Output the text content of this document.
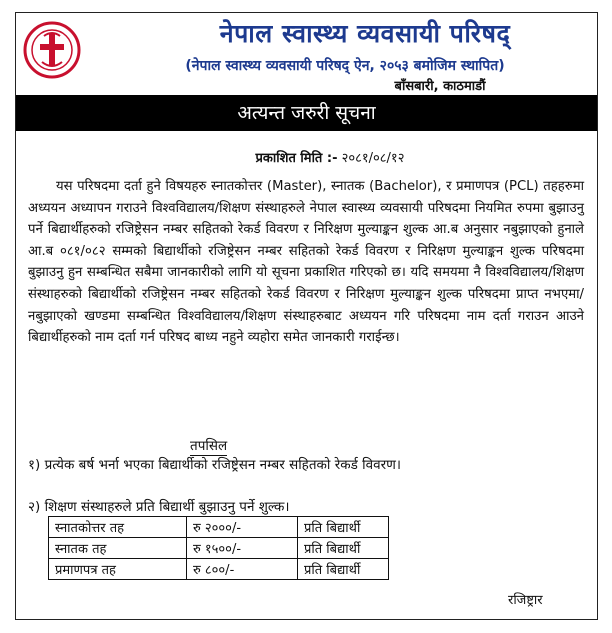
नेपाल स्वास्थ्य व्यवसायी परिषद्
(नेपाल स्वास्थ्य व्यवसायी परिषद् ऐन, २०५३ बमोजिम स्थापित)
बाँसबारी, काठमाडौं
अत्यन्त जरुरी सूचना
प्रकाशित मिति :- २०८१/०८/१२

यस परिषदमा दर्ता हुने विषयहरु स्नातकोत्तर (Master), स्नातक (Bachelor), र प्रमाणपत्र (PCL) तहहरुमा अध्ययन अध्यापन गराउने विश्वविद्यालय/शिक्षण संस्थाहरुले नेपाल स्वास्थ्य व्यवसायी परिषदमा नियमित रुपमा बुझाउनु पर्ने बिद्यार्थीहरुको रजिष्ट्रेसन नम्बर सहितको रेकर्ड विवरण र निरिक्षण मुल्याङ्कन शुल्क आ.ब अनुसार नबुझाएको हुनाले आ.ब ०८१/०८२ सम्मको बिद्यार्थीको रजिष्ट्रेसन नम्बर सहितको रेकर्ड विवरण र निरिक्षण मुल्याङ्कन शुल्क परिषदमा बुझाउनु हुन सम्बन्धित सबैमा जानकारीको लागि यो सूचना प्रकाशित गरिएको छ। यदि समयमा नै विश्वविद्यालय/शिक्षण संस्थाहरुको बिद्यार्थीको रजिष्ट्रेसन नम्बर सहितको रेकर्ड विवरण र निरिक्षण मुल्याङ्कन शुल्क परिषदमा प्राप्त नभएमा/नबुझाएको खण्डमा सम्बन्धित विश्वविद्यालय/शिक्षण संस्थाहरुबाट अध्ययन गरि परिषदमा नाम दर्ता गराउन आउने बिद्यार्थीहरुको नाम दर्ता गर्न परिषद बाध्य नहुने व्यहोरा समेत जानकारी गराईन्छ।

तपसिल
१) प्रत्येक बर्ष भर्ना भएका बिद्यार्थीको रजिष्ट्रेसन नम्बर सहितको रेकर्ड विवरण।
२) शिक्षण संस्थाहरुले प्रति बिद्यार्थी बुझाउनु पर्ने शुल्क।
स्नातकोत्तर तह	रु २०००/-	प्रति बिद्यार्थी
स्नातक तह	रु १५००/-	प्रति बिद्यार्थी
प्रमाणपत्र तह	रु ८००/-	प्रति बिद्यार्थी
रजिष्ट्रार
